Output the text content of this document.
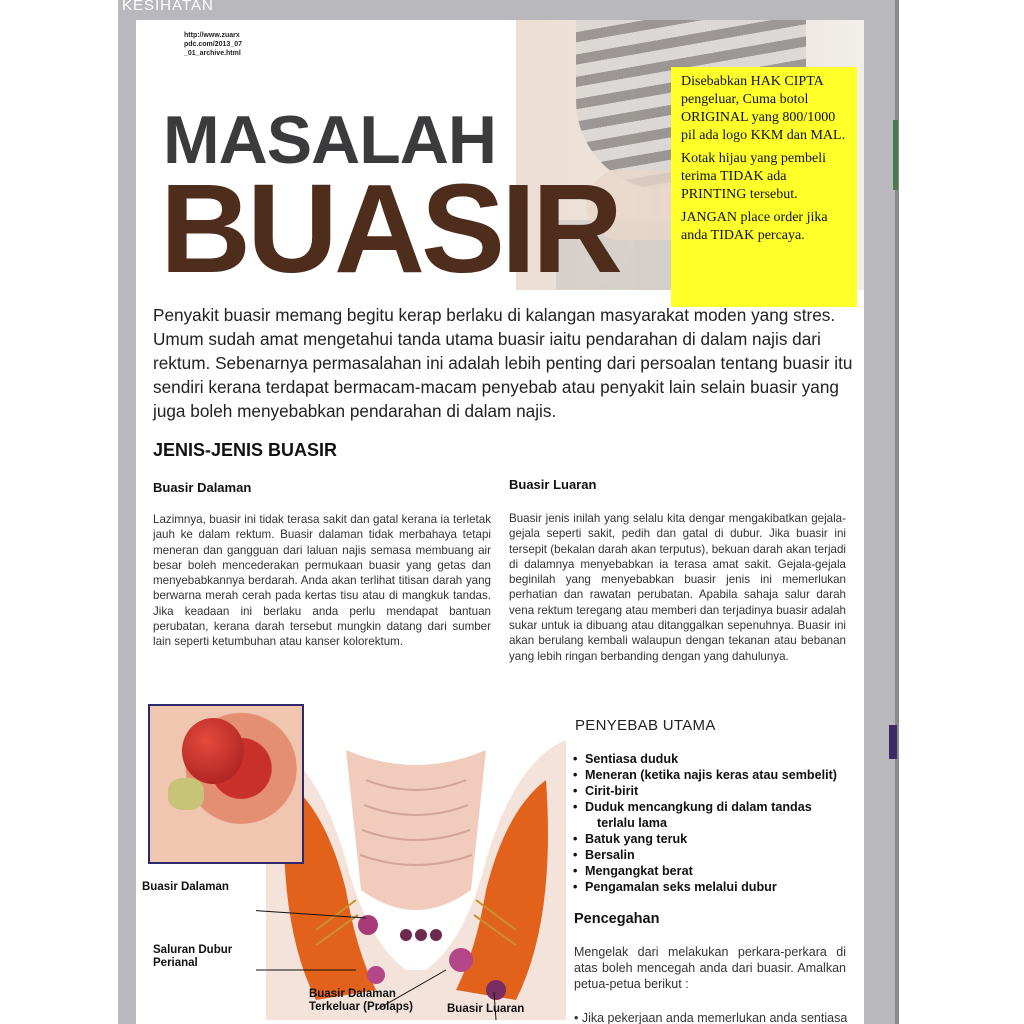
KESIHATAN
http://www.zuarx
pdc.com/2013_07
_01_archive.html
MASALAH
BUASIR

Disebabkan HAK CIPTA pengeluar, Cuma botol ORIGINAL yang 800/1000 pil ada logo KKM dan MAL.

Kotak hijau yang pembeli terima TIDAK ada PRINTING tersebut.

JANGAN place order jika anda TIDAK percaya.

Penyakit buasir memang begitu kerap berlaku di kalangan masyarakat moden yang stres. Umum sudah amat mengetahui tanda utama buasir iaitu pendarahan di dalam najis dari rektum. Sebenarnya permasalahan ini adalah lebih penting dari persoalan tentang buasir itu sendiri kerana terdapat bermacam-macam penyebab atau penyakit lain selain buasir yang juga boleh menyebabkan pendarahan di dalam najis.
JENIS-JENIS BUASIR
Buasir Dalaman	Buasir Luaran
Lazimnya, buasir ini tidak terasa sakit dan gatal kerana ia terletak jauh ke dalam rektum. Buasir dalaman tidak merbahaya tetapi meneran dan gangguan dari laluan najis semasa membuang air besar boleh mencederakan permukaan buasir yang getas dan menyebabkannya berdarah. Anda akan terlihat titisan darah yang berwarna merah cerah pada kertas tisu atau di mangkuk tandas. Jika keadaan ini berlaku anda perlu mendapat bantuan perubatan, kerana darah tersebut mungkin datang dari sumber lain seperti ketumbuhan atau kanser kolorektum.
Buasir jenis inilah yang selalu kita dengar mengakibatkan gejala-gejala seperti sakit, pedih dan gatal di dubur. Jika buasir ini tersepit (bekalan darah akan terputus), bekuan darah akan terjadi di dalamnya menyebabkan ia terasa amat sakit. Gejala-gejala beginilah yang menyebabkan buasir jenis ini memerlukan perhatian dan rawatan perubatan. Apabila sahaja salur darah vena rektum teregang atau memberi dan terjadinya buasir adalah sukar untuk ia dibuang atau ditanggalkan sepenuhnya. Buasir ini akan berulang kembali walaupun dengan tekanan atau bebanan yang lebih ringan berbanding dengan yang dahulunya.
Buasir Dalaman
Saluran Dubur
Perianal
Buasir Dalaman
Terkeluar (Prolaps)	Buasir Luaran
PENYEBAB UTAMA
• Sentiasa duduk
• Meneran (ketika najis keras atau sembelit)
• Cirit-birit
• Duduk mencangkung di dalam tandas
terlalu lama
• Batuk yang teruk
• Bersalin
• Mengangkat berat
• Pengamalan seks melalui dubur
Pencegahan
Mengelak dari melakukan perkara-perkara di atas boleh mencegah anda dari buasir. Amalkan petua-petua berikut :
• Jika pekerjaan anda memerlukan anda sentiasa
